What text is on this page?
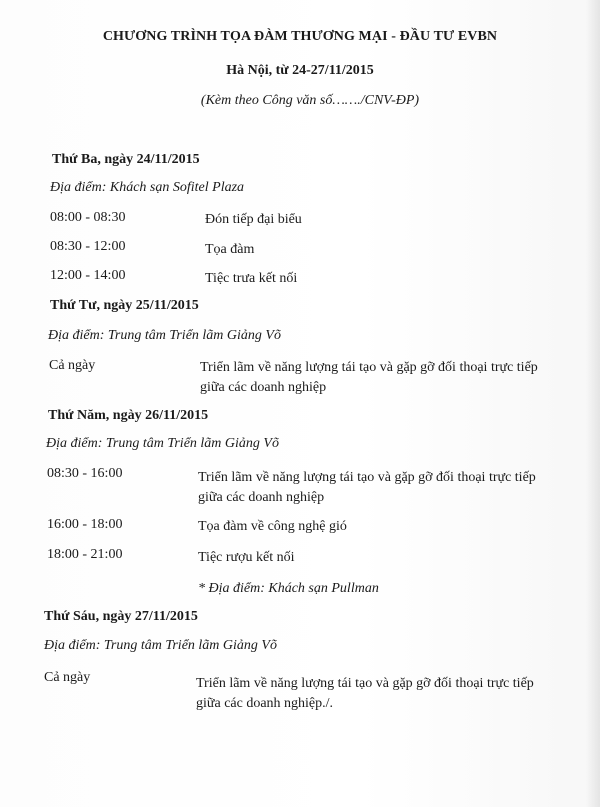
CHƯƠNG TRÌNH TỌA ĐÀM THƯƠNG MẠI - ĐẦU TƯ EVBN
Hà Nội, từ 24-27/11/2015
(Kèm theo Công văn số……./CNV-ĐP)
Thứ Ba, ngày 24/11/2015
Địa điểm: Khách sạn Sofitel Plaza
08:00 - 08:30	Đón tiếp đại biểu
08:30 - 12:00	Tọa đàm
12:00 - 14:00	Tiệc trưa kết nối
Thứ Tư, ngày 25/11/2015
Địa điểm: Trung tâm Triển lãm Giảng Võ
Cả ngày	Triển lãm về năng lượng tái tạo và gặp gỡ đối thoại trực tiếp giữa các doanh nghiệp
Thứ Năm, ngày 26/11/2015
Địa điểm: Trung tâm Triển lãm Giảng Võ
08:30 - 16:00	Triển lãm về năng lượng tái tạo và gặp gỡ đối thoại trực tiếp giữa các doanh nghiệp
16:00 - 18:00	Tọa đàm về công nghệ gió
18:00 - 21:00	Tiệc rượu kết nối
* Địa điểm: Khách sạn Pullman
Thứ Sáu, ngày 27/11/2015
Địa điểm: Trung tâm Triển lãm Giảng Võ
Cả ngày	Triển lãm về năng lượng tái tạo và gặp gỡ đối thoại trực tiếp giữa các doanh nghiệp./.
